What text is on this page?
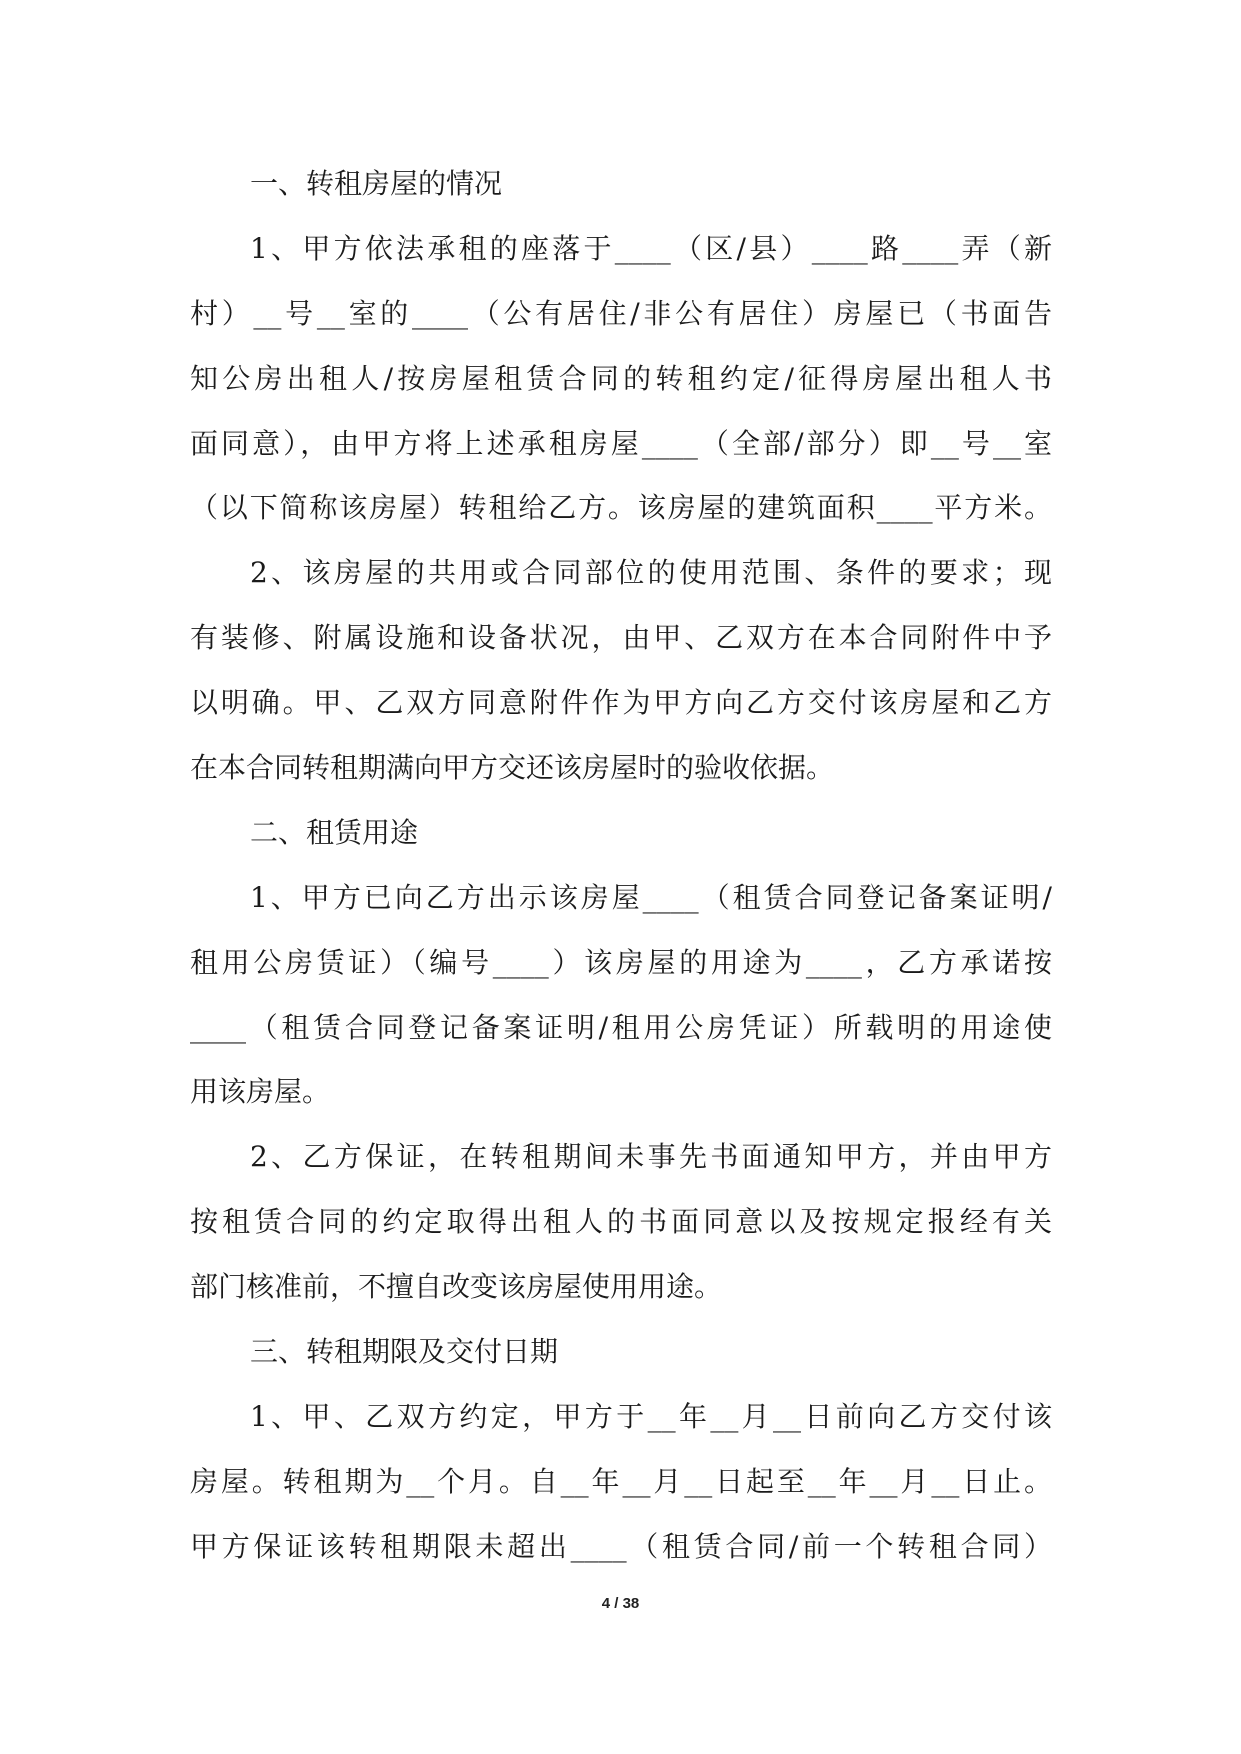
一、转租房屋的情况
1、甲方依法承租的座落于____（区/县）____路____弄（新
村）__号__室的____（公有居住/非公有居住）房屋已（书面告
知公房出租人/按房屋租赁合同的转租约定/征得房屋出租人书
面同意），由甲方将上述承租房屋____（全部/部分）即__号__室
（以下简称该房屋）转租给乙方。该房屋的建筑面积____平方米。
2、该房屋的共用或合同部位的使用范围、条件的要求；现
有装修、附属设施和设备状况，由甲、乙双方在本合同附件中予
以明确。甲、乙双方同意附件作为甲方向乙方交付该房屋和乙方
在本合同转租期满向甲方交还该房屋时的验收依据。
二、租赁用途
1、甲方已向乙方出示该房屋____（租赁合同登记备案证明/
租用公房赁证）（编号____）该房屋的用途为____，乙方承诺按
____（租赁合同登记备案证明/租用公房凭证）所载明的用途使
用该房屋。
2、乙方保证，在转租期间未事先书面通知甲方，并由甲方
按租赁合同的约定取得出租人的书面同意以及按规定报经有关
部门核准前，不擅自改变该房屋使用用途。
三、转租期限及交付日期
1、甲、乙双方约定，甲方于__年__月__日前向乙方交付该
房屋。转租期为__个月。自__年__月__日起至__年__月__日止。
甲方保证该转租期限未超出____（租赁合同/前一个转租合同）
4 / 38
